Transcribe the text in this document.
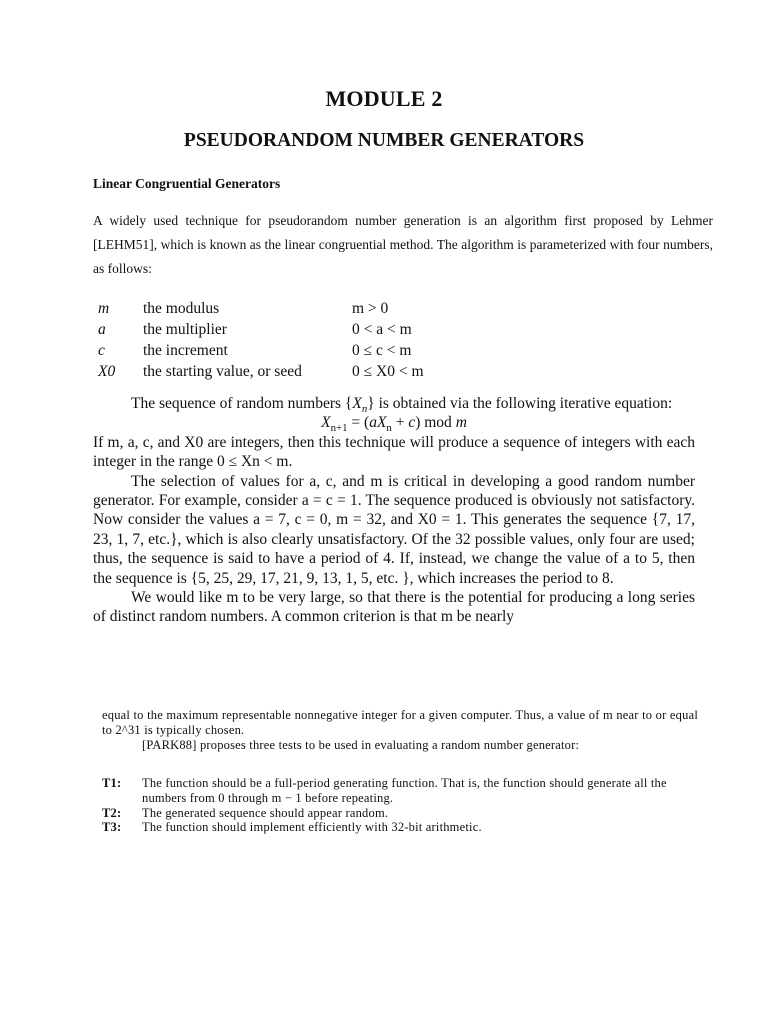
MODULE 2
PSEUDORANDOM NUMBER GENERATORS
Linear Congruential Generators
A widely used technique for pseudorandom number generation is an algorithm first proposed by Lehmer [LEHM51], which is known as the linear congruential method. The algorithm is parameterized with four numbers, as follows:
m the modulus	m > 0
a the multiplier	0 < a < m
c the increment	0 ≤ c < m
X0 the starting value, or seed	0 ≤ X0 < m

The sequence of random numbers $\{X_n\}$ is obtained via the following iterative equation:

$X_{n+1} = (aX_n + c)$ mod m

If m, a, c, and X0 are integers, then this technique will produce a sequence of integers with each integer in the range 0 ≤ Xn < m.

The selection of values for a, c, and m is critical in developing a good random number generator. For example, consider a = c = 1. The sequence produced is obviously not satisfactory. Now consider the values a = 7, c = 0, m = 32, and X0 = 1. This generates the sequence {7, 17, 23, 1, 7, etc.}, which is also clearly unsatisfactory. Of the 32 possible values, only four are used; thus, the sequence is said to have a period of 4. If, instead, we change the value of a to 5, then the sequence is {5, 25, 29, 17, 21, 9, 13, 1, 5, etc. }, which increases the period to 8.

We would like m to be very large, so that there is the potential for producing a long series of distinct random numbers. A common criterion is that m be nearly

equal to the maximum representable nonnegative integer for a given computer. Thus, a value of m near to or equal to 2^31 is typically chosen.

[PARK88] proposes three tests to be used in evaluating a random number generator:

T1: The function should be a full-period generating function. That is, the function should generate all the numbers from 0 through m − 1 before repeating.
T2: The generated sequence should appear random.
T3: The function should implement efficiently with 32-bit arithmetic.
